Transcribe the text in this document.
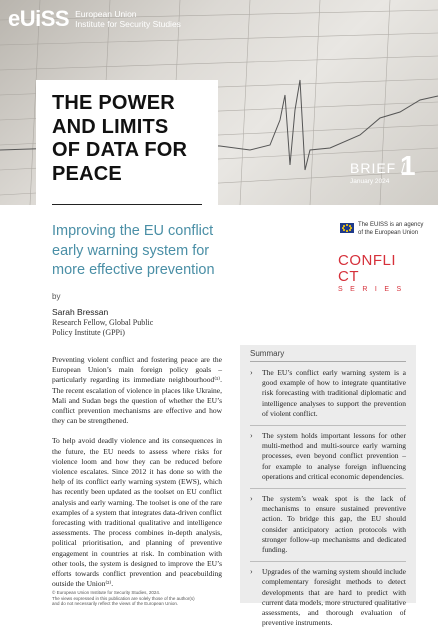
eUiSS European Union
Institute for Security Studies
BRIEF /
1
January 2024
THE POWER
AND LIMITS
OF DATA FOR
PEACE
Improving the EU conflict early warning system for more effective prevention
The EUISS is an agency of the European Union
CONFLI CT
SERIES
by
Sarah Bressan
Research Fellow, Global Public Policy Institute (GPPi)

Preventing violent conflict and fostering peace are the European Union’s main foreign policy goals – particularly regarding its immediate neighbourhood⁽¹⁾. The recent escalation of violence in places like Ukraine, Mali and Sudan begs the question of whether the EU’s conflict prevention mechanisms are effective and how they can be strengthened.

To help avoid deadly violence and its consequences in the future, the EU needs to assess where risks for violence loom and how they can be reduced before violence escalates. Since 2012 it has done so with the help of its conflict early warning system (EWS), which has recently been updated as the toolset on EU conflict analysis and early warning. The toolset is one of the rare examples of a system that integrates data-driven conflict forecasting with traditional qualitative and intelligence assessments. The process combines in-depth analysis, political prioritisation, and planning of preventive engagement in countries at risk. In combination with other tools, the system is designed to improve the EU’s efforts towards conflict prevention and peacebuilding outside the Union⁽²⁾.

Summary
› The EU’s conflict early warning system is a good example of how to integrate quantitative risk forecasting with traditional diplomatic and intelligence analyses to support the prevention of violent conflict.
› The system holds important lessons for other multi-method and multi-source early warning processes, even beyond conflict prevention – for example to analyse foreign influencing operations and critical economic dependencies.
› The system’s weak spot is the lack of mechanisms to ensure sustained preventive action. To bridge this gap, the EU should consider anticipatory action protocols with stronger follow-up mechanisms and dedicated funding.
› Upgrades of the warning system should include complementary foresight methods to detect developments that are hard to predict with current data models, more structured qualitative assessments, and thorough evaluation of preventive instruments.
© European Union Institute for Security Studies, 2024.
The views expressed in this publication are solely those of the author(s)
and do not necessarily reflect the views of the European Union.
